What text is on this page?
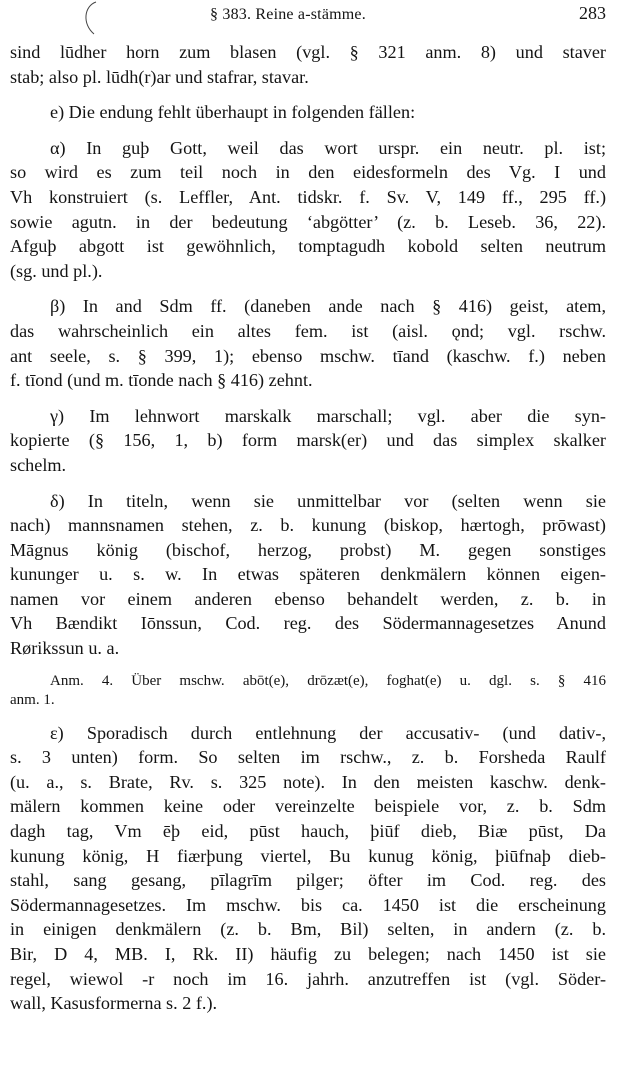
§ 383. Reine a-stämme.	283
sind lūdher horn zum blasen (vgl. § 321 anm. 8) und staver
stab; also pl. lūdh(r)ar und stafrar, stavar.
e) Die endung fehlt überhaupt in folgenden fällen:
α) In guþ Gott, weil das wort urspr. ein neutr. pl. ist;
so wird es zum teil noch in den eidesformeln des Vg. I und
Vh konstruiert (s. Leffler, Ant. tidskr. f. Sv. V, 149 ff., 295 ff.)
sowie agutn. in der bedeutung ‘abgötter’ (z. b. Leseb. 36, 22).
Afguþ abgott ist gewöhnlich, tomptagudh kobold selten neutrum
(sg. und pl.).
β) In and Sdm ff. (daneben ande nach § 416) geist, atem,
das wahrscheinlich ein altes fem. ist (aisl. ǫnd; vgl. rschw.
ant seele, s. § 399, 1); ebenso mschw. tīand (kaschw. f.) neben
f. tīond (und m. tīonde nach § 416) zehnt.
γ) Im lehnwort marskalk marschall; vgl. aber die syn-
kopierte (§ 156, 1, b) form marsk(er) und das simplex skalker
schelm.
δ) In titeln, wenn sie unmittelbar vor (selten wenn sie
nach) mannsnamen stehen, z. b. kunung (biskop, hærtogh, prōwast)
Māgnus könig (bischof, herzog, probst) M. gegen sonstiges
kununger u. s. w. In etwas späteren denkmälern können eigen-
namen vor einem anderen ebenso behandelt werden, z. b. in
Vh Bændikt Iōnssun, Cod. reg. des Södermannagesetzes Anund
Rørikssun u. a.
Anm. 4. Über mschw. abōt(e), drōzæt(e), foghat(e) u. dgl. s. § 416
anm. 1.
ε) Sporadisch durch entlehnung der accusativ- (und dativ-,
s. 3 unten) form. So selten im rschw., z. b. Forsheda Raulf
(u. a., s. Brate, Rv. s. 325 note). In den meisten kaschw. denk-
mälern kommen keine oder vereinzelte beispiele vor, z. b. Sdm
dagh tag, Vm ēþ eid, pūst hauch, þiūf dieb, Biæ pūst, Da
kunung könig, H fiærþung viertel, Bu kunug könig, þiūfnaþ dieb-
stahl, sang gesang, pīlagrīm pilger; öfter im Cod. reg. des
Södermannagesetzes. Im mschw. bis ca. 1450 ist die erscheinung
in einigen denkmälern (z. b. Bm, Bil) selten, in andern (z. b.
Bir, D 4, MB. I, Rk. II) häufig zu belegen; nach 1450 ist sie
regel, wiewol -r noch im 16. jahrh. anzutreffen ist (vgl. Söder-
wall, Kasusformerna s. 2 f.).
